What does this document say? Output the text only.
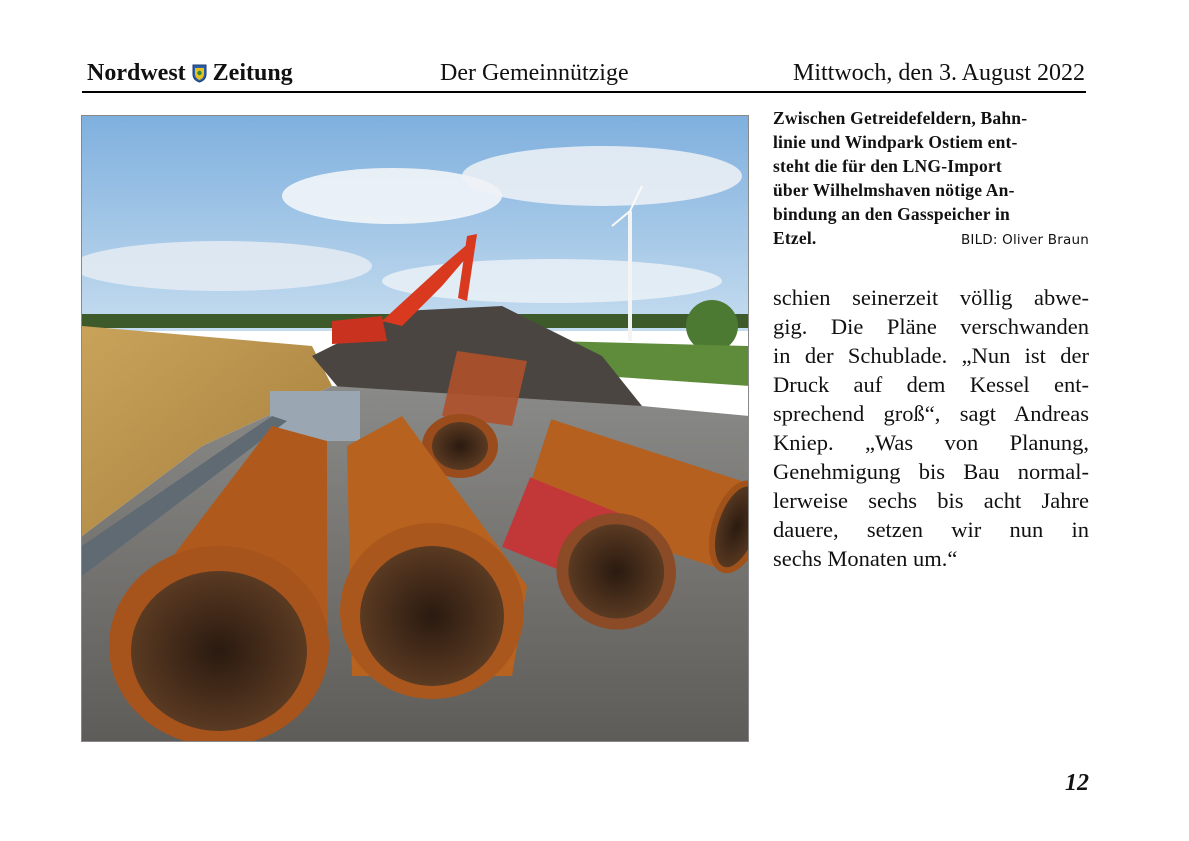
Nordwest Zeitung	Der Gemeinnützige	Mittwoch, den 3. August 2022
Zwischen Getreidefeldern, Bahn-
linie und Windpark Ostiem ent-
steht die für den LNG-Import
über Wilhelmshaven nötige An-
bindung an den Gasspeicher in
Etzel.	BILD: Oliver Braun
schien seinerzeit völlig abwe-
gig. Die Pläne verschwanden
in der Schublade. „Nun ist der
Druck auf dem Kessel ent-
sprechend groß“, sagt Andreas
Kniep. „Was von Planung,
Genehmigung bis Bau normal-
lerweise sechs bis acht Jahre
dauere, setzen wir nun in
sechs Monaten um.“
12
